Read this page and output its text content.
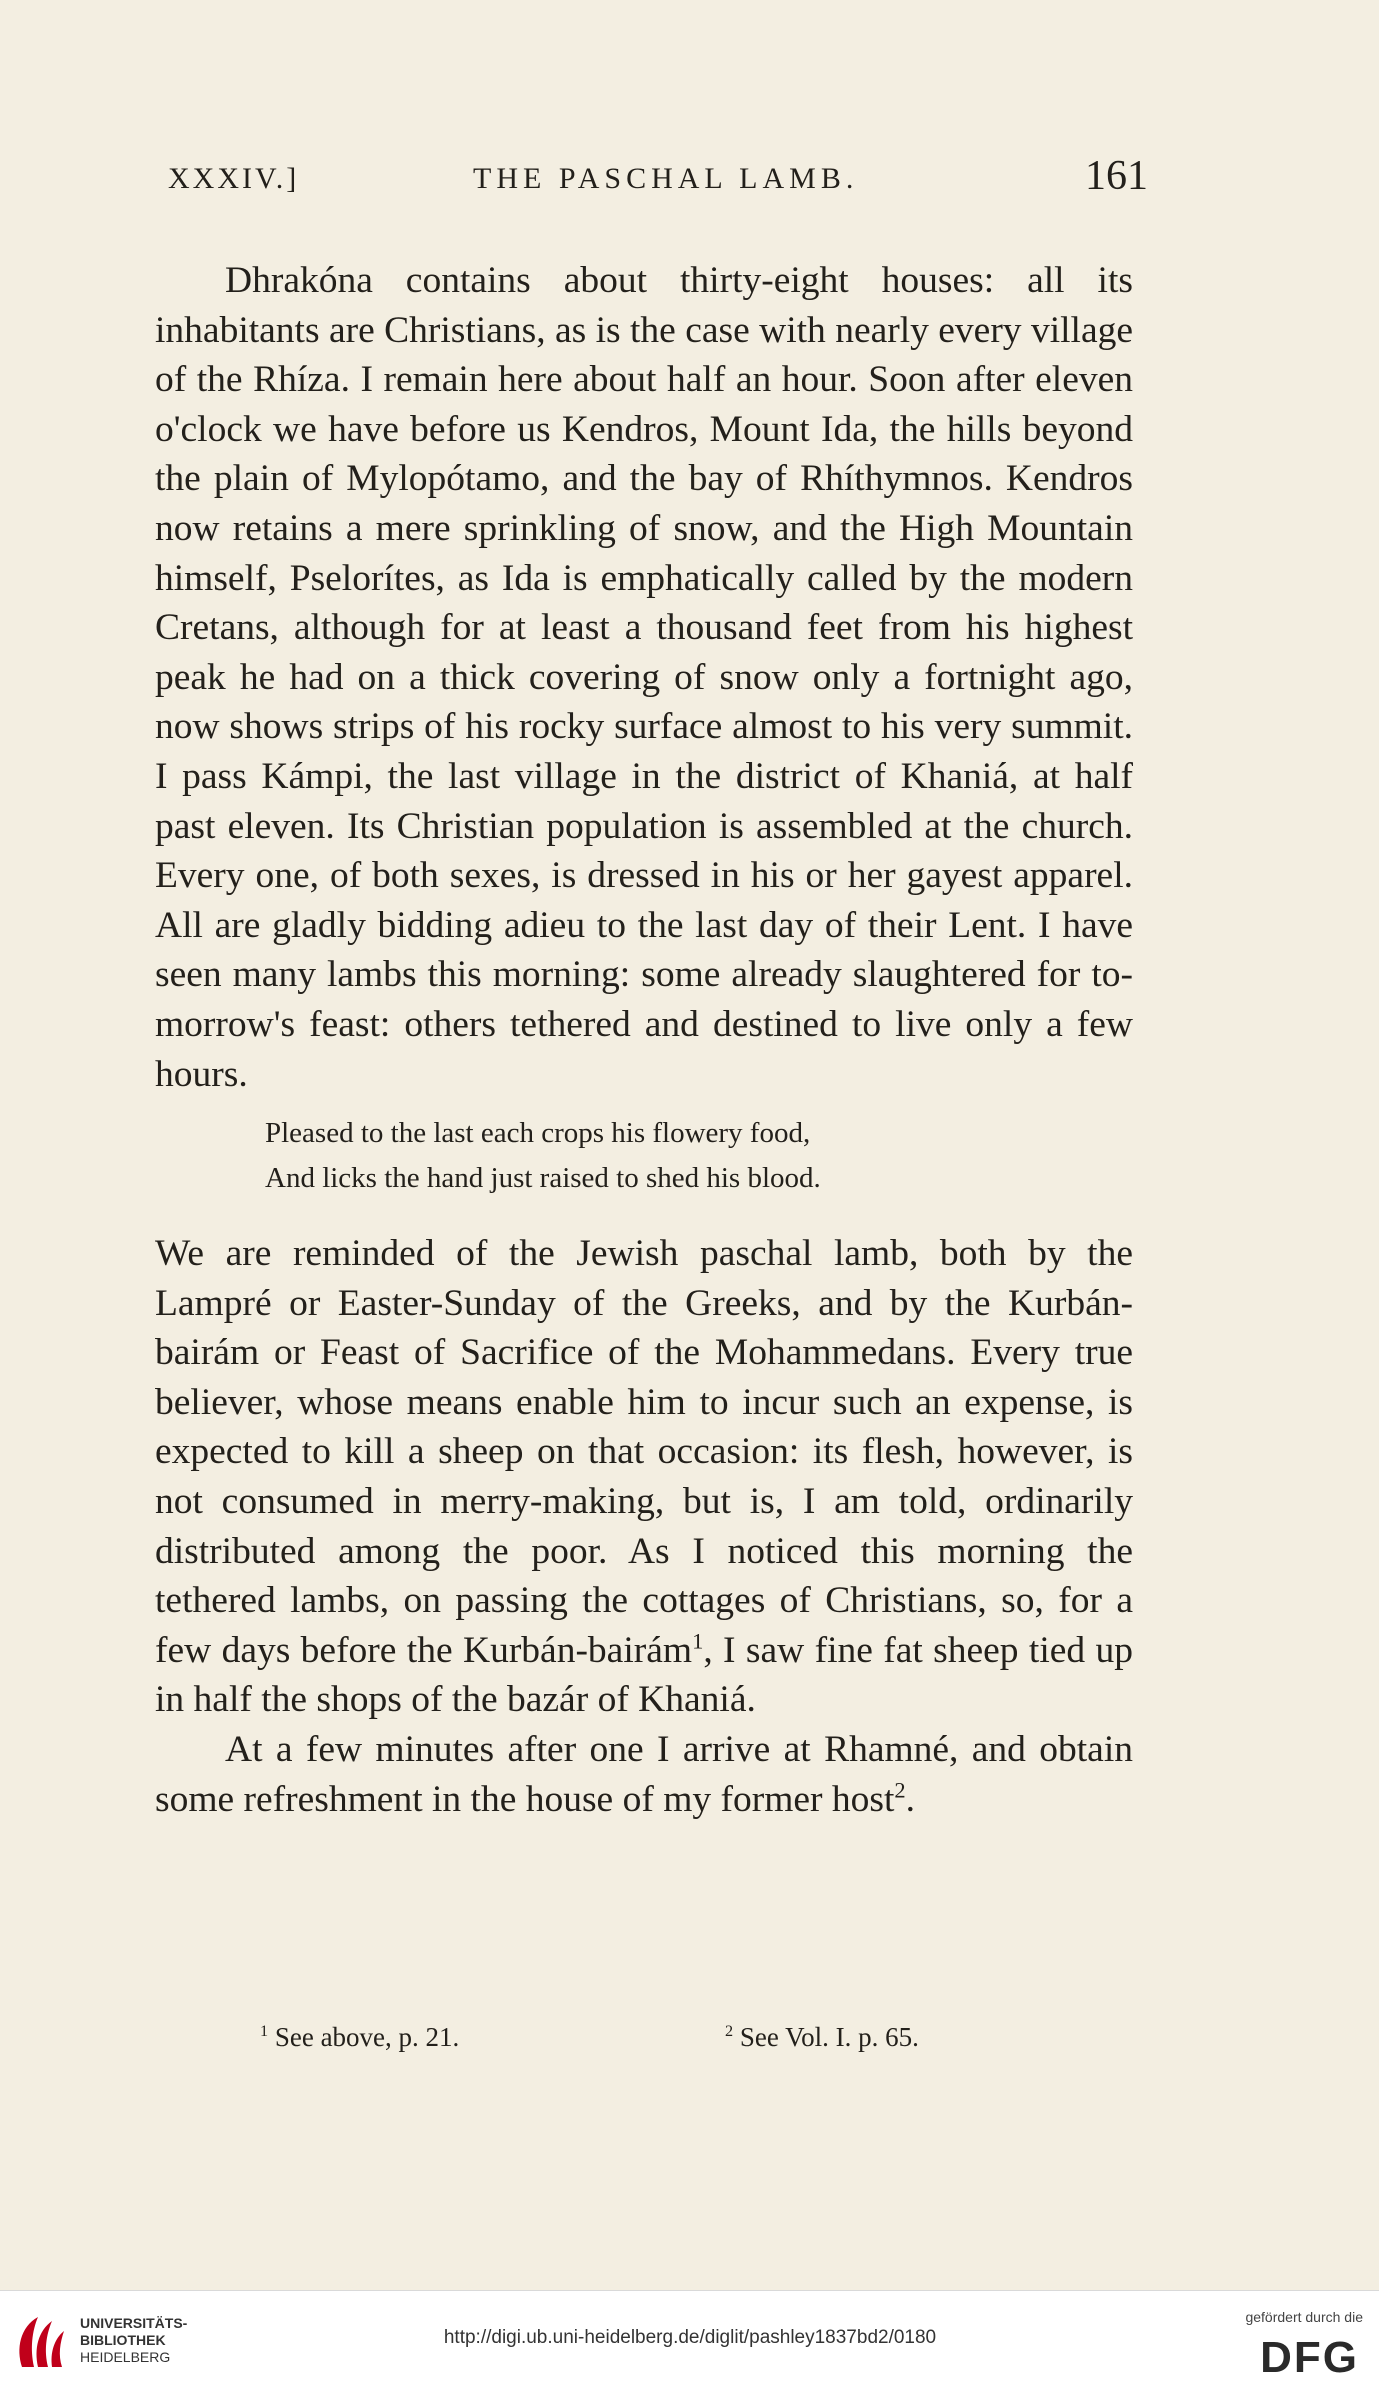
XXXIV.]	THE PASCHAL LAMB.	161

Dhrakóna contains about thirty-eight houses: all its inhabitants are Christians, as is the case with nearly every village of the Rhíza. I remain here about half an hour. Soon after eleven o'clock we have before us Kendros, Mount Ida, the hills beyond the plain of Mylopótamo, and the bay of Rhíthymnos. Kendros now retains a mere sprinkling of snow, and the High Mountain himself, Pselorítes, as Ida is emphatically called by the modern Cretans, although for at least a thousand feet from his highest peak he had on a thick covering of snow only a fortnight ago, now shows strips of his rocky surface almost to his very summit. I pass Kámpi, the last village in the district of Khaniá, at half past eleven. Its Christian population is assembled at the church. Every one, of both sexes, is dressed in his or her gayest apparel. All are gladly bidding adieu to the last day of their Lent. I have seen many lambs this morning: some already slaughtered for to-morrow's feast: others tethered and destined to live only a few hours.

Pleased to the last each crops his flowery food,
And licks the hand just raised to shed his blood.

We are reminded of the Jewish paschal lamb, both by the Lampré or Easter-Sunday of the Greeks, and by the Kurbán-bairám or Feast of Sacrifice of the Mohammedans. Every true believer, whose means enable him to incur such an expense, is expected to kill a sheep on that occasion: its flesh, however, is not consumed in merry-making, but is, I am told, ordinarily distributed among the poor. As I noticed this morning the tethered lambs, on passing the cottages of Christians, so, for a few days before the Kurbán-bairám$^1$, I saw fine fat sheep tied up in half the shops of the bazár of Khaniá.

At a few minutes after one I arrive at Rhamné, and obtain some refreshment in the house of my former host$^2$.

$^1$ See above, p. 21.	$^2$ See Vol. I. p. 65.
UNIVERSITÄTS-
BIBLIOTHEK
HEIDELBERG
http://digi.ub.uni-heidelberg.de/diglit/pashley1837bd2/0180
gefördert durch die
DFG
